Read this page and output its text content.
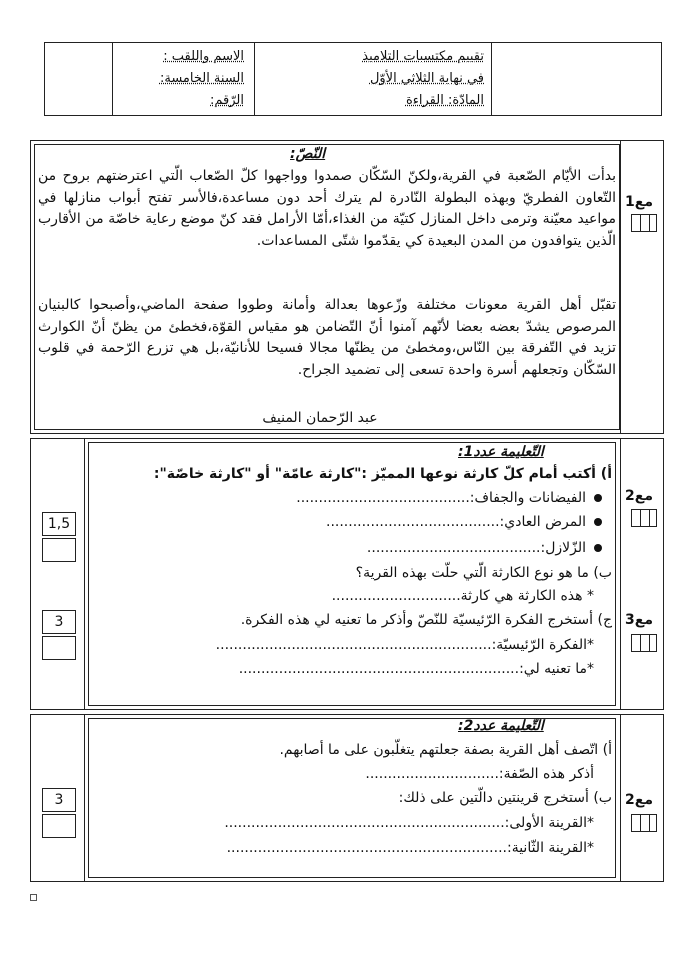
الاسم واللقب :
السنة الخامسة:
الرّقم:
تقييم مكتسبات التلاميذ
في نهاية الثلاثي الأوّل
المادّة: القراءة
النّصّ:
بدأت الأيّام الصّعبة في القرية،ولكنّ السّكّان صمدوا وواجهوا كلّ الصّعاب الّتي اعترضتهم بروح من التّعاون الفطريّ وبهذه البطولة النّادرة لم يترك أحد دون مساعدة،فالأسر تفتح أبواب منازلها في مواعيد معيّنة وترمى داخل المنازل كتيّة من الغذاء،أمّا الأرامل فقد كنّ موضع رعاية خاصّة من الأقارب الّذين يتوافدون من المدن البعيدة كي يقدّموا شتّى المساعدات.
تقبّل أهل القرية معونات مختلفة وزّعوها بعدالة وأمانة وطووا صفحة الماضي،وأصبحوا كالبنيان المرصوص يشدّ بعضه بعضا لأنّهم آمنوا أنّ التّضامن هو مقياس القوّة،فخطئ من يظنّ أنّ الكوارث تزيد في التّفرقة بين النّاس،ومخطئ من يظنّها مجالا فسيحا للأنانيّة،بل هي تزرع الرّحمة في قلوب السّكّان وتجعلهم أسرة واحدة تسعى إلى تضميد الجراح.
عبد الرّحمان المنيف
مع1
التّعليمة عدد1:
أ) أكتب أمام كلّ كارثة نوعها المميّز :"كارثة عامّة" أو "كارثة خاصّة":
الفيضانات والجفاف:.......................................
المرض العادي:.......................................
الزّلازل:.......................................
ب) ما هو نوع الكارثة الّتي حلّت بهذه القرية؟
* هذه الكارثة هي كارثة.............................
ج) أستخرج الفكرة الرّئيسيّة للنّصّ وأذكر ما تعنيه لي هذه الفكرة.
*الفكرة الرّئيسيّة:..............................................................
*ما تعنيه لي:...............................................................
1,5
3
مع2
مع3
التّعليمة عدد2:
أ) اتّصف أهل القرية بصفة جعلتهم يتغلّبون على ما أصابهم.
أذكر هذه الصّفة:..............................
ب) أستخرج قرينتين دالّتين على ذلك:
*القرينة الأولى:...............................................................
*القرينة الثّانية:...............................................................
3	مع2
